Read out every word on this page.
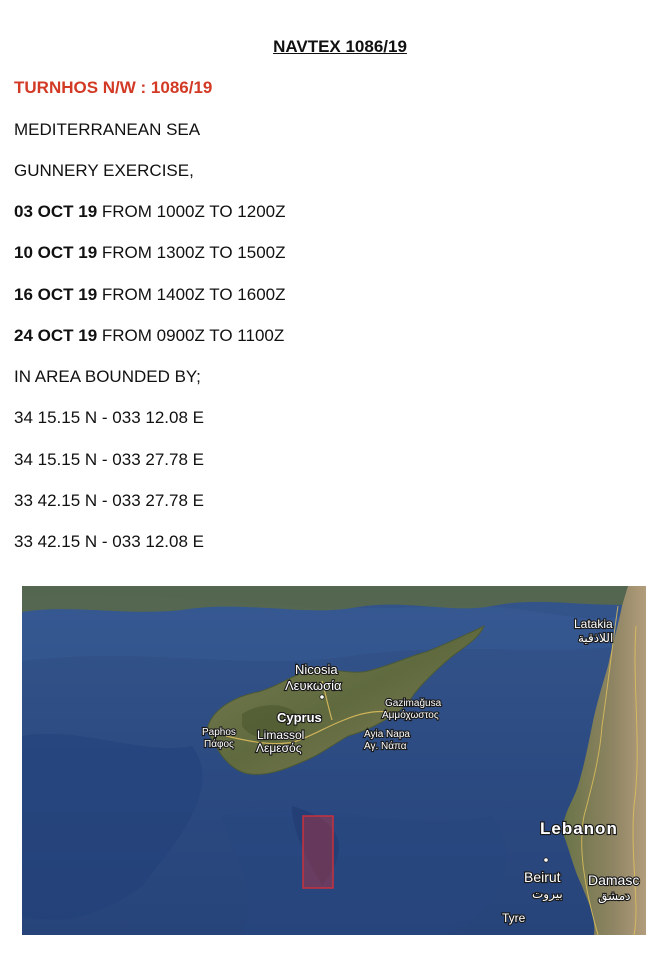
NAVTEX 1086/19
TURNHOS N/W : 1086/19
MEDITERRANEAN SEA
GUNNERY EXERCISE,
03 OCT 19 FROM 1000Z TO 1200Z
10 OCT 19 FROM 1300Z TO 1500Z
16 OCT 19 FROM 1400Z TO 1600Z
24 OCT 19 FROM 0900Z TO 1100Z
IN AREA BOUNDED BY;
34 15.15 N - 033 12.08 E
34 15.15 N - 033 27.78 E
33 42.15 N - 033 27.78 E
33 42.15 N - 033 12.08 E
Latakia
اللاذقية
Nicosia
Λευκωσία
Gazimağusa
Αμμόχωστος
Cyprus
Paphos
Πάφος
Limassol
Λεμεσός
Ayia Napa
Αγ. Νάπα
Lebanon
Beirut
بيروت
Damasc
دمشق
Tyre
